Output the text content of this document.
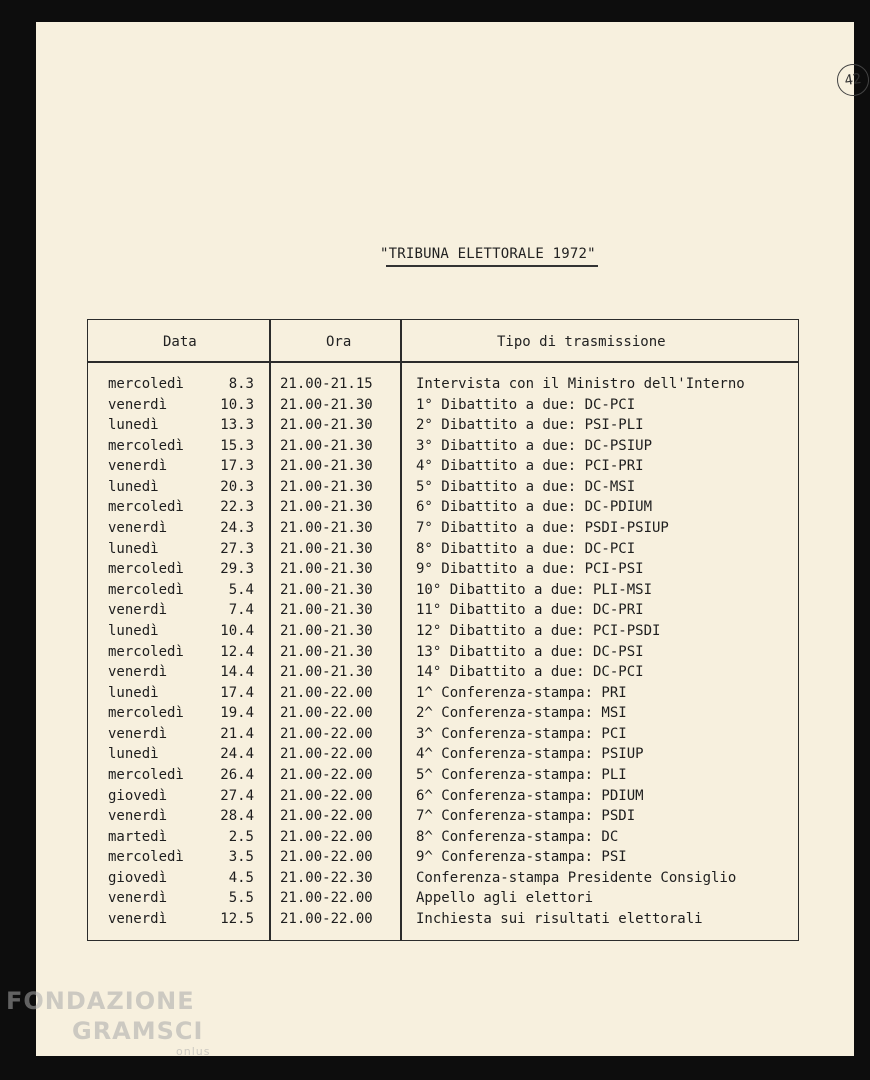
42
"TRIBUNA ELETTORALE 1972"
Data	Ora	Tipo di trasmissione
mercoledì	8.3 21.00-21.15	Intervista con il Ministro dell'Interno
venerdì	10.3 21.00-21.30	1° Dibattito a due: DC-PCI
lunedì	13.3 21.00-21.30	2° Dibattito a due: PSI-PLI
mercoledì	15.3 21.00-21.30	3° Dibattito a due: DC-PSIUP
venerdì	17.3 21.00-21.30	4° Dibattito a due: PCI-PRI
lunedì	20.3 21.00-21.30	5° Dibattito a due: DC-MSI
mercoledì	22.3 21.00-21.30	6° Dibattito a due: DC-PDIUM
venerdì	24.3 21.00-21.30	7° Dibattito a due: PSDI-PSIUP
lunedì	27.3 21.00-21.30	8° Dibattito a due: DC-PCI
mercoledì	29.3 21.00-21.30	9° Dibattito a due: PCI-PSI
mercoledì	5.4 21.00-21.30	10° Dibattito a due: PLI-MSI
venerdì	7.4 21.00-21.30	11° Dibattito a due: DC-PRI
lunedì	10.4 21.00-21.30	12° Dibattito a due: PCI-PSDI
mercoledì	12.4 21.00-21.30	13° Dibattito a due: DC-PSI
venerdì	14.4 21.00-21.30	14° Dibattito a due: DC-PCI
lunedì	17.4 21.00-22.00	1^ Conferenza-stampa: PRI
mercoledì	19.4 21.00-22.00	2^ Conferenza-stampa: MSI
venerdì	21.4 21.00-22.00	3^ Conferenza-stampa: PCI
lunedì	24.4 21.00-22.00	4^ Conferenza-stampa: PSIUP
mercoledì	26.4 21.00-22.00	5^ Conferenza-stampa: PLI
giovedì	27.4 21.00-22.00	6^ Conferenza-stampa: PDIUM
venerdì	28.4 21.00-22.00	7^ Conferenza-stampa: PSDI
martedì	2.5 21.00-22.00	8^ Conferenza-stampa: DC
mercoledì	3.5 21.00-22.00	9^ Conferenza-stampa: PSI
giovedì	4.5 21.00-22.30	Conferenza-stampa Presidente Consiglio
venerdì	5.5 21.00-22.00	Appello agli elettori
venerdì	12.5 21.00-22.00	Inchiesta sui risultati elettorali
FONDAZIONE
GRAMSCI
onlus
